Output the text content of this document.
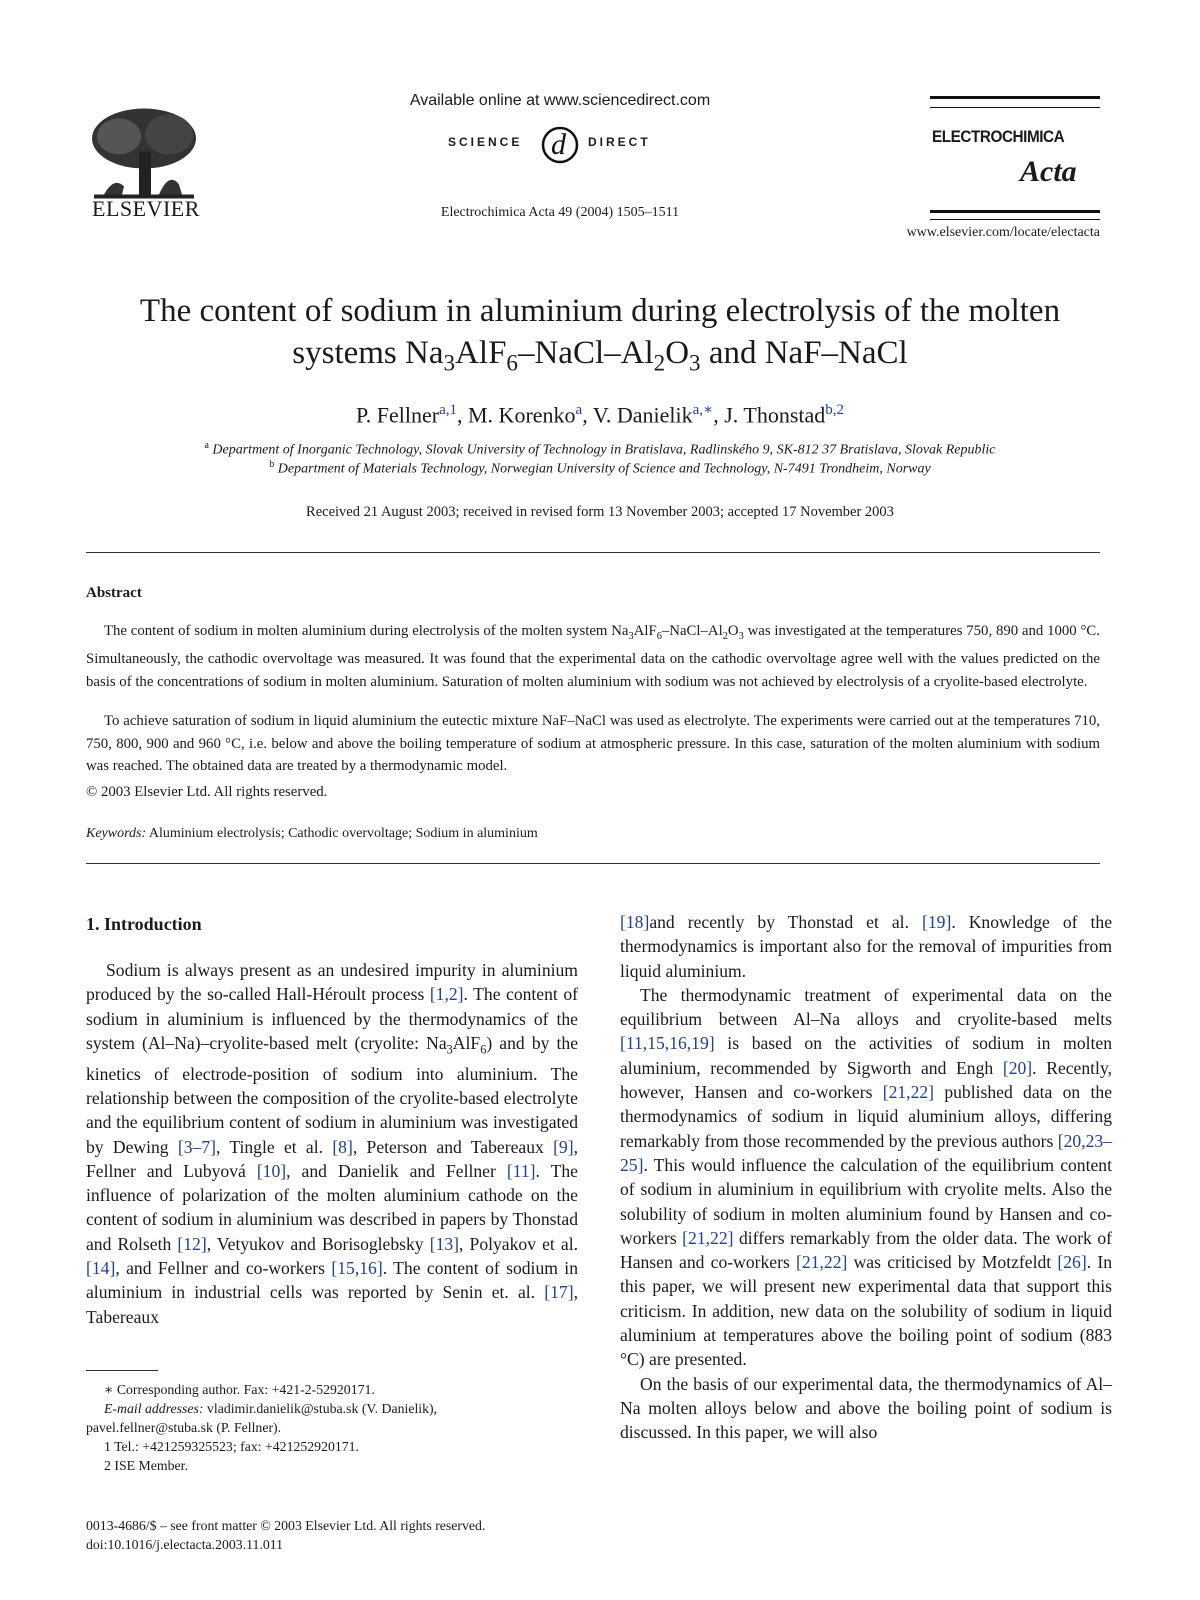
ELSEVIER
Available online at www.sciencedirect.com
SCIENCE d DIRECT
Electrochimica Acta 49 (2004) 1505–1511
ELECTROCHIMICA
Acta
www.elsevier.com/locate/electacta
The content of sodium in aluminium during electrolysis of the molten
systems $Na_3AlF_6-NaCl-Al_2O_3$ and NaF–NaCl
P. Fellner$^{a,1}$, M. Korenko$^a$, V. Danielik$^{a,∗}$, J. Thonstad$^{b,2}$
$^a$ Department of Inorganic Technology, Slovak University of Technology in Bratislava, Radlinského 9, SK-812 37 Bratislava, Slovak Republic
$^b$ Department of Materials Technology, Norwegian University of Science and Technology, N-7491 Trondheim, Norway
Received 21 August 2003; received in revised form 13 November 2003; accepted 17 November 2003
Abstract

The content of sodium in molten aluminium during electrolysis of the molten system $Na_3AlF_6-NaCl-Al_2O_3$ was investigated at the temperatures 750, 890 and 1000 °C. Simultaneously, the cathodic overvoltage was measured. It was found that the experimental data on the cathodic overvoltage agree well with the values predicted on the basis of the concentrations of sodium in molten aluminium. Saturation of molten aluminium with sodium was not achieved by electrolysis of a cryolite-based electrolyte.

To achieve saturation of sodium in liquid aluminium the eutectic mixture NaF–NaCl was used as electrolyte. The experiments were carried out at the temperatures 710, 750, 800, 900 and 960 °C, i.e. below and above the boiling temperature of sodium at atmospheric pressure. In this case, saturation of the molten aluminium with sodium was reached. The obtained data are treated by a thermodynamic model.

© 2003 Elsevier Ltd. All rights reserved.
Keywords: Aluminium electrolysis; Cathodic overvoltage; Sodium in aluminium
1. Introduction

Sodium is always present as an undesired impurity in aluminium produced by the so-called Hall-Héroult process [1,2]. The content of sodium in aluminium is influenced by the thermodynamics of the system (Al–Na)–cryolite-based melt (cryolite: $Na_3AlF_6$) and by the kinetics of electrode-position of sodium into aluminium. The relationship between the composition of the cryolite-based electrolyte and the equilibrium content of sodium in aluminium was investigated by Dewing [3–7], Tingle et al. [8], Peterson and Tabereaux [9], Fellner and Lubyová [10], and Danielik and Fellner [11]. The influence of polarization of the molten aluminium cathode on the content of sodium in aluminium was described in papers by Thonstad and Rolseth [12], Vetyukov and Borisoglebsky [13], Polyakov et al. [14], and Fellner and co-workers [15,16]. The content of sodium in aluminium in industrial cells was reported by Senin et. al. [17], Tabereaux

[18]and recently by Thonstad et al. [19]. Knowledge of the thermodynamics is important also for the removal of impurities from liquid aluminium.

The thermodynamic treatment of experimental data on the equilibrium between Al–Na alloys and cryolite-based melts [11,15,16,19] is based on the activities of sodium in molten aluminium, recommended by Sigworth and Engh [20]. Recently, however, Hansen and co-workers [21,22] published data on the thermodynamics of sodium in liquid aluminium alloys, differing remarkably from those recommended by the previous authors [20,23–25]. This would influence the calculation of the equilibrium content of sodium in aluminium in equilibrium with cryolite melts. Also the solubility of sodium in molten aluminium found by Hansen and co-workers [21,22] differs remarkably from the older data. The work of Hansen and co-workers [21,22] was criticised by Motzfeldt [26]. In this paper, we will present new experimental data that support this criticism. In addition, new data on the solubility of sodium in liquid aluminium at temperatures above the boiling point of sodium (883 °C) are presented.

On the basis of our experimental data, the thermodynamics of Al–Na molten alloys below and above the boiling point of sodium is discussed. In this paper, we will also

∗ Corresponding author. Fax: +421-2-52920171.
E-mail addresses: vladimir.danielik@stuba.sk (V. Danielik),
pavel.fellner@stuba.sk (P. Fellner).
1 Tel.: +421259325523; fax: +421252920171.
2 ISE Member.
0013-4686/$ – see front matter © 2003 Elsevier Ltd. All rights reserved.
doi:10.1016/j.electacta.2003.11.011
